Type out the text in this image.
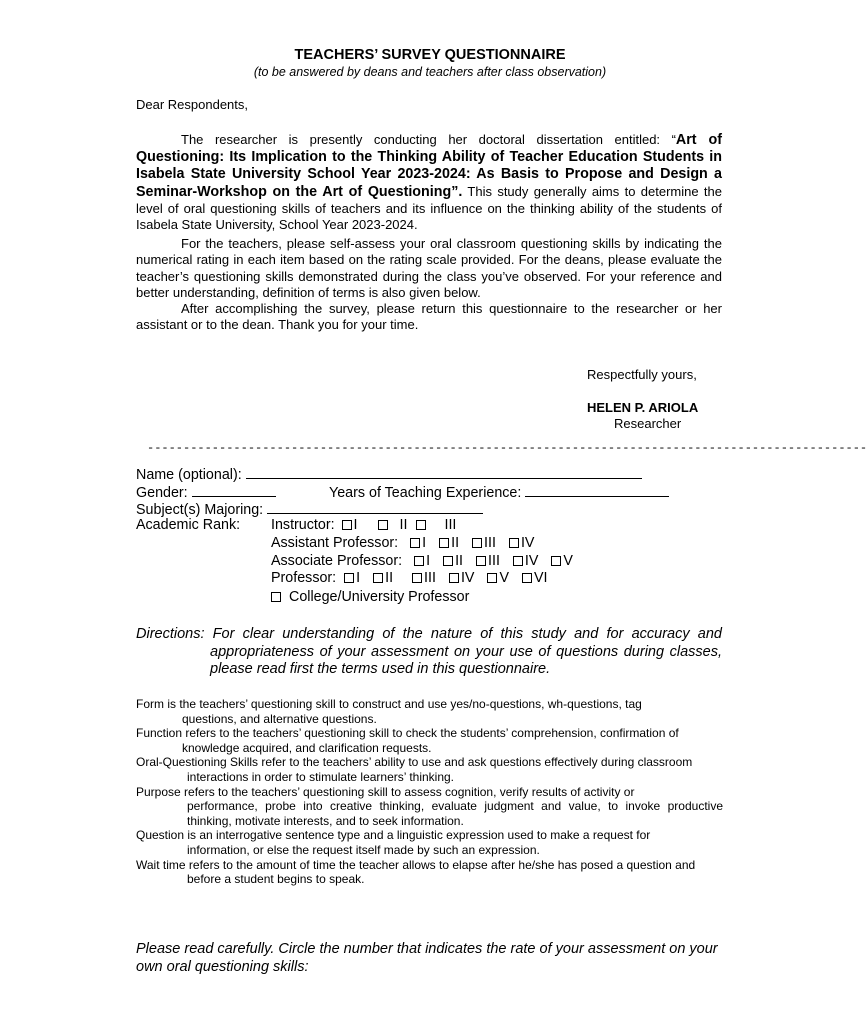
TEACHERS’ SURVEY QUESTIONNAIRE
(to be answered by deans and teachers after class observation)
Dear Respondents,

The researcher is presently conducting her doctoral dissertation entitled: “Art of Questioning: Its Implication to the Thinking Ability of Teacher Education Students in Isabela State University School Year 2023-2024: As Basis to Propose and Design a Seminar-Workshop on the Art of Questioning”. This study generally aims to determine the level of oral questioning skills of teachers and its influence on the thinking ability of the students of Isabela State University, School Year 2023-2024.

For the teachers, please self-assess your oral classroom questioning skills by indicating the numerical rating in each item based on the rating scale provided. For the deans, please evaluate the teacher’s questioning skills demonstrated during the class you’ve observed. For your reference and better understanding, definition of terms is also given below.

After accomplishing the survey, please return this questionnaire to the researcher or her assistant or to the dean. Thank you for your time.

Respectfully yours,
HELEN P. ARIOLA
Researcher
----------------------------------------------------------------------------------------------------
Name (optional):
Gender:	Years of Teaching Experience:
Subject(s) Majoring:
Academic Rank: Instructor: I	II	III
Assistant Professor: I II III IV
Associate Professor: I II III IV V
Professor: I II III IV V VI
College/University Professor

Directions: For clear understanding of the nature of this study and for accuracy and appropriateness of your assessment on your use of questions during classes, please read first the terms used in this questionnaire.

Form is the teachers’ questioning skill to construct and use yes/no-questions, wh-questions, tag
questions, and alternative questions.

Function refers to the teachers’ questioning skill to check the students’ comprehension, confirmation of
knowledge acquired, and clarification requests.

Oral-Questioning Skills refer to the teachers’ ability to use and ask questions effectively during classroom
interactions in order to stimulate learners’ thinking.

Purpose refers to the teachers’ questioning skill to assess cognition, verify results of activity or
performance, probe into creative thinking, evaluate judgment and value, to invoke productive thinking, motivate interests, and to seek information.

Question is an interrogative sentence type and a linguistic expression used to make a request for
information, or else the request itself made by such an expression.

Wait time refers to the amount of time the teacher allows to elapse after he/she has posed a question and
before a student begins to speak.

Please read carefully. Circle the number that indicates the rate of your assessment on your own oral questioning skills:
